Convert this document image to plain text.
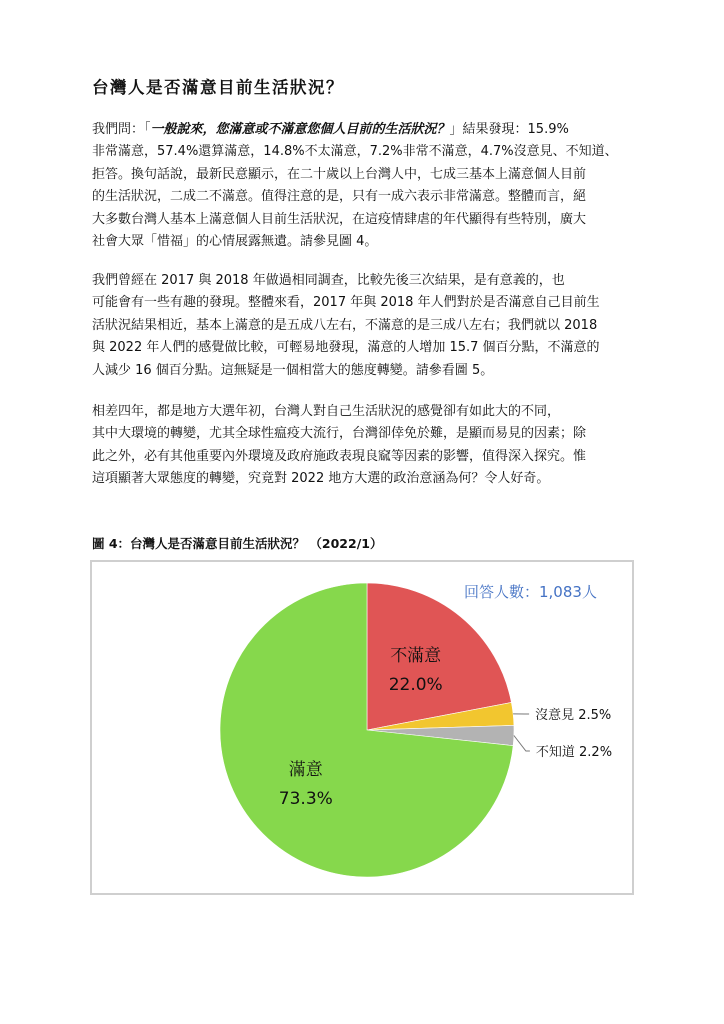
台灣人是否滿意目前生活狀況？
我們問：「一般說來，您滿意或不滿意您個人目前的生活狀況？」結果發現：15.9%
非常滿意，57.4%還算滿意，14.8%不太滿意，7.2%非常不滿意，4.7%沒意見、不知道、
拒答。換句話說，最新民意顯示，在二十歲以上台灣人中，七成三基本上滿意個人目前
的生活狀況，二成二不滿意。值得注意的是，只有一成六表示非常滿意。整體而言，絕
大多數台灣人基本上滿意個人目前生活狀況，在這疫情肆虐的年代顯得有些特別，廣大
社會大眾「惜福」的心情展露無遺。請參見圖 4。
我們曾經在 2017 與 2018 年做過相同調查，比較先後三次結果，是有意義的，也
可能會有一些有趣的發現。整體來看，2017 年與 2018 年人們對於是否滿意自己目前生
活狀況結果相近，基本上滿意的是五成八左右，不滿意的是三成八左右；我們就以 2018
與 2022 年人們的感覺做比較，可輕易地發現，滿意的人增加 15.7 個百分點，不滿意的
人減少 16 個百分點。這無疑是一個相當大的態度轉變。請參看圖 5。
相差四年，都是地方大選年初，台灣人對自己生活狀況的感覺卻有如此大的不同，
其中大環境的轉變，尤其全球性瘟疫大流行，台灣卻倖免於難，是顯而易見的因素；除
此之外，必有其他重要內外環境及政府施政表現良窳等因素的影響，值得深入探究。惟
這項顯著大眾態度的轉變，究竟對 2022 地方大選的政治意涵為何？令人好奇。

圖 4：台灣人是否滿意目前生活狀況？ （2022/1）

回答人數：1,083人
不滿意
22.0%
滿意
73.3%
沒意見 2.5%
不知道 2.2%
